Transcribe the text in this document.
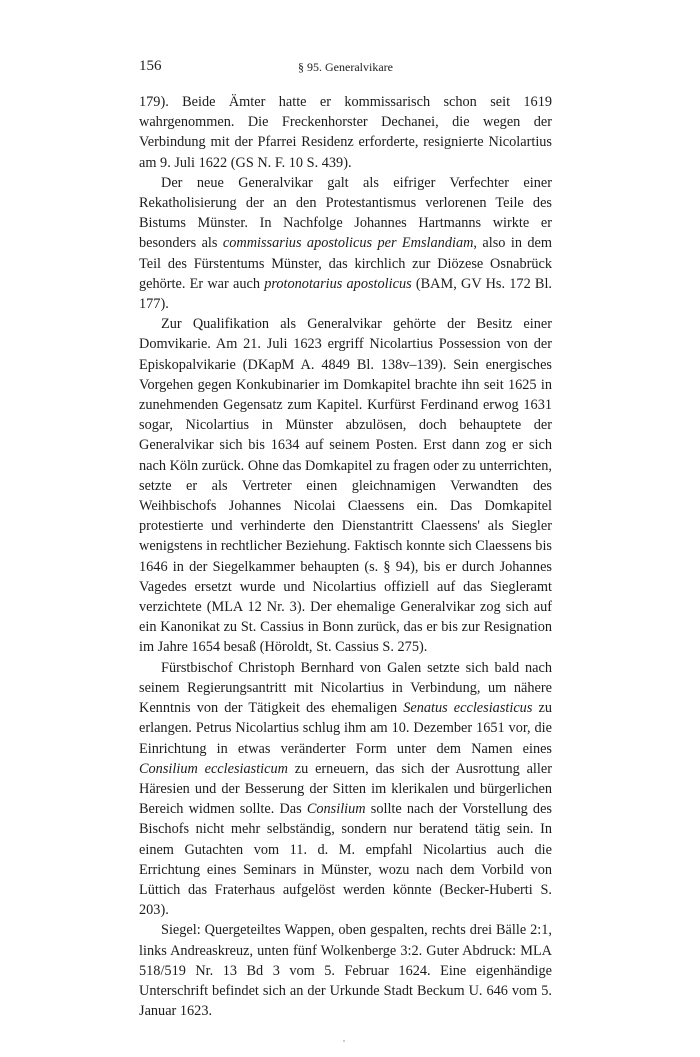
156	§ 95. Generalvikare

179). Beide Ämter hatte er kommissarisch schon seit 1619 wahrgenommen. Die Freckenhorster Dechanei, die wegen der Verbindung mit der Pfarrei Residenz erforderte, resignierte Nicolartius am 9. Juli 1622 (GS N. F. 10 S. 439).

Der neue Generalvikar galt als eifriger Verfechter einer Rekatholisierung der an den Protestantismus verlorenen Teile des Bistums Münster. In Nachfolge Johannes Hartmanns wirkte er besonders als commissarius apostolicus per Emslandiam, also in dem Teil des Fürstentums Münster, das kirchlich zur Diözese Osnabrück gehörte. Er war auch protonotarius apostolicus (BAM, GV Hs. 172 Bl. 177).

Zur Qualifikation als Generalvikar gehörte der Besitz einer Domvikarie. Am 21. Juli 1623 ergriff Nicolartius Possession von der Episkopalvikarie (DKapM A. 4849 Bl. 138v–139). Sein energisches Vorgehen gegen Konkubinarier im Domkapitel brachte ihn seit 1625 in zunehmenden Gegensatz zum Kapitel. Kurfürst Ferdinand erwog 1631 sogar, Nicolartius in Münster abzulösen, doch behauptete der Generalvikar sich bis 1634 auf seinem Posten. Erst dann zog er sich nach Köln zurück. Ohne das Domkapitel zu fragen oder zu unterrichten, setzte er als Vertreter einen gleichnamigen Verwandten des Weihbischofs Johannes Nicolai Claessens ein. Das Domkapitel protestierte und verhinderte den Dienstantritt Claessens' als Siegler wenigstens in rechtlicher Beziehung. Faktisch konnte sich Claessens bis 1646 in der Siegelkammer behaupten (s. § 94), bis er durch Johannes Vagedes ersetzt wurde und Nicolartius offiziell auf das Siegleramt verzichtete (MLA 12 Nr. 3). Der ehemalige Generalvikar zog sich auf ein Kanonikat zu St. Cassius in Bonn zurück, das er bis zur Resignation im Jahre 1654 besaß (Höroldt, St. Cassius S. 275).

Fürstbischof Christoph Bernhard von Galen setzte sich bald nach seinem Regierungsantritt mit Nicolartius in Verbindung, um nähere Kenntnis von der Tätigkeit des ehemaligen Senatus ecclesiasticus zu erlangen. Petrus Nicolartius schlug ihm am 10. Dezember 1651 vor, die Einrichtung in etwas veränderter Form unter dem Namen eines Consilium ecclesiasticum zu erneuern, das sich der Ausrottung aller Häresien und der Besserung der Sitten im klerikalen und bürgerlichen Bereich widmen sollte. Das Consilium sollte nach der Vorstellung des Bischofs nicht mehr selbständig, sondern nur beratend tätig sein. In einem Gutachten vom 11. d. M. empfahl Nicolartius auch die Errichtung eines Seminars in Münster, wozu nach dem Vorbild von Lüttich das Fraterhaus aufgelöst werden könnte (Becker-Huberti S. 203).

Siegel: Quergeteiltes Wappen, oben gespalten, rechts drei Bälle 2:1, links Andreaskreuz, unten fünf Wolkenberge 3:2. Guter Abdruck: MLA 518/519 Nr. 13 Bd 3 vom 5. Februar 1624. Eine eigenhändige Unterschrift befindet sich an der Urkunde Stadt Beckum U. 646 vom 5. Januar 1623.
